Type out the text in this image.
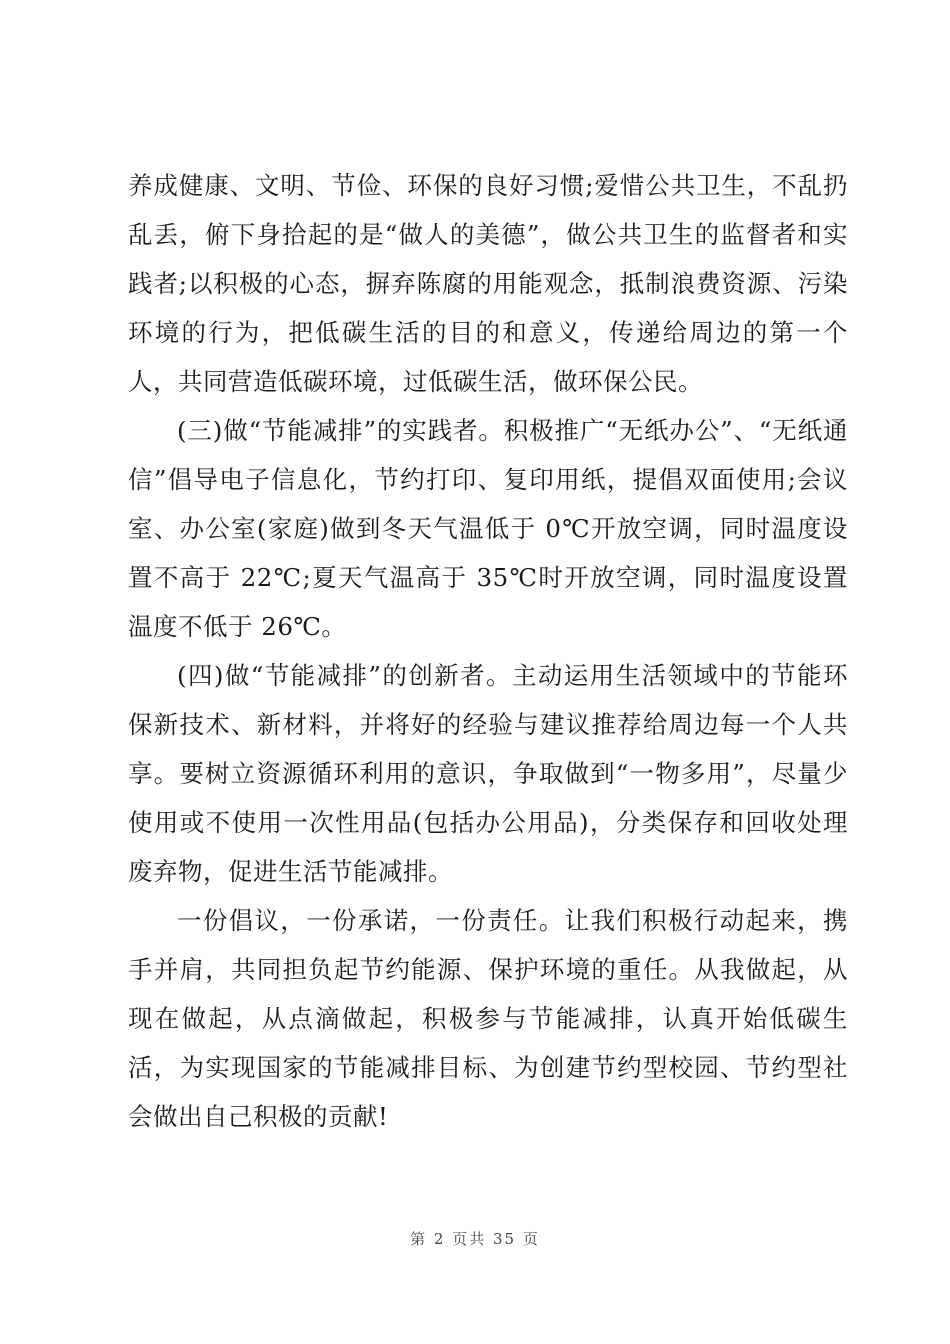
养成健康、文明、节俭、环保的良好习惯;爱惜公共卫生，不乱扔乱丢，俯下身拾起的是“做人的美德”，做公共卫生的监督者和实践者;以积极的心态，摒弃陈腐的用能观念，抵制浪费资源、污染环境的行为，把低碳生活的目的和意义，传递给周边的第一个人，共同营造低碳环境，过低碳生活，做环保公民。

(三)做“节能减排”的实践者。积极推广“无纸办公”、“无纸通信”倡导电子信息化，节约打印、复印用纸，提倡双面使用;会议室、办公室(家庭)做到冬天气温低于 0℃开放空调，同时温度设置不高于 22℃;夏天气温高于 35℃时开放空调，同时温度设置温度不低于 26℃。

(四)做“节能减排”的创新者。主动运用生活领域中的节能环保新技术、新材料，并将好的经验与建议推荐给周边每一个人共享。要树立资源循环利用的意识，争取做到“一物多用”，尽量少使用或不使用一次性用品(包括办公用品)，分类保存和回收处理废弃物，促进生活节能减排。

一份倡议，一份承诺，一份责任。让我们积极行动起来，携手并肩，共同担负起节约能源、保护环境的重任。从我做起，从现在做起，从点滴做起，积极参与节能减排，认真开始低碳生活，为实现国家的节能减排目标、为创建节约型校园、节约型社会做出自己积极的贡献!

第 2 页共 35 页
